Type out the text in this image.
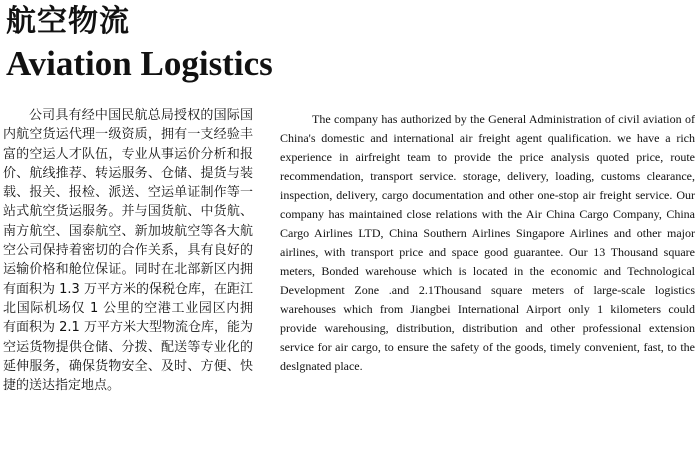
航空物流
Aviation Logistics

公司具有经中国民航总局授权的国际国内航空货运代理一级资质，拥有一支经验丰富的空运人才队伍，专业从事运价分析和报价、航线推荐、转运服务、仓储、提货与装载、报关、报检、派送、空运单证制作等一站式航空货运服务。并与国货航、中货航、南方航空、国泰航空、新加坡航空等各大航空公司保持着密切的合作关系，具有良好的运输价格和舱位保证。同时在北部新区内拥有面积为 1.3 万平方米的保税仓库，在距江北国际机场仅 1 公里的空港工业园区内拥有面积为 2.1 万平方米大型物流仓库，能为空运货物提供仓储、分拨、配送等专业化的延伸服务，确保货物安全、及时、方便、快捷的送达指定地点。

The company has authorized by the General Administration of civil aviation of China's domestic and international air freight agent qualification. we have a rich experience in airfreight team to provide the price analysis quoted price, route recommendation, transport service. storage, delivery, loading, customs clearance, inspection, delivery, cargo documentation and other one-stop air freight service. Our company has maintained close relations with the Air China Cargo Company, China Cargo Airlines LTD, China Southern Airlines Singapore Airlines and other major airlines, with transport price and space good guarantee. Our 13 Thousand square meters, Bonded warehouse which is located in the economic and Technological Development Zone .and 2.1Thousand square meters of large-scale logistics warehouses which from Jiangbei International Airport only 1 kilometers could provide warehousing, distribution, distribution and other professional extension service for air cargo, to ensure the safety of the goods, timely convenient, fast, to the deslgnated place.
